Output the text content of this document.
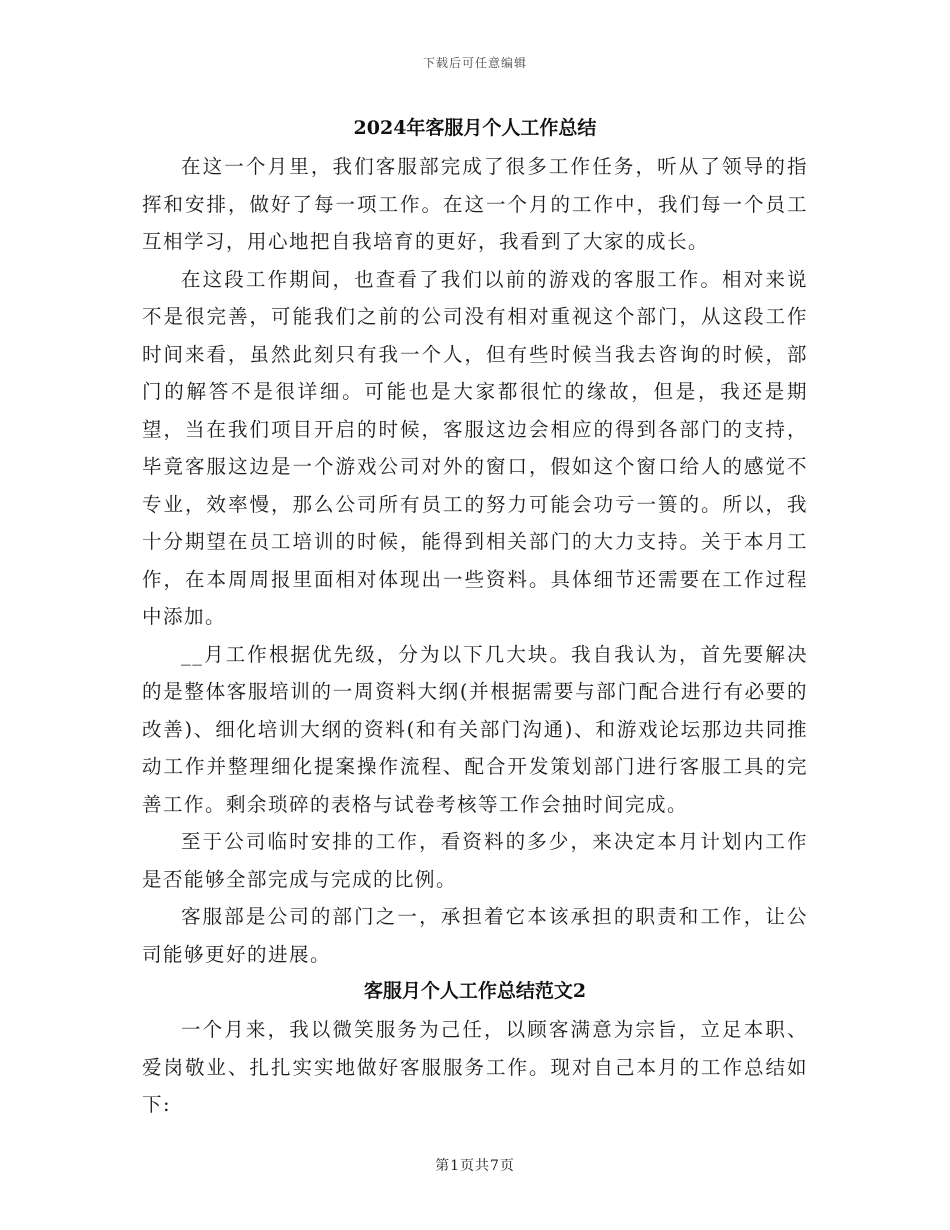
下载后可任意编辑
2024年客服月个人工作总结

在这一个月里，我们客服部完成了很多工作任务，听从了领导的指挥和安排，做好了每一项工作。在这一个月的工作中，我们每一个员工互相学习，用心地把自我培育的更好，我看到了大家的成长。

在这段工作期间，也查看了我们以前的游戏的客服工作。相对来说不是很完善，可能我们之前的公司没有相对重视这个部门，从这段工作时间来看，虽然此刻只有我一个人，但有些时候当我去咨询的时候，部门的解答不是很详细。可能也是大家都很忙的缘故，但是，我还是期望，当在我们项目开启的时候，客服这边会相应的得到各部门的支持，毕竟客服这边是一个游戏公司对外的窗口，假如这个窗口给人的感觉不专业，效率慢，那么公司所有员工的努力可能会功亏一篑的。所以，我十分期望在员工培训的时候，能得到相关部门的大力支持。关于本月工作，在本周周报里面相对体现出一些资料。具体细节还需要在工作过程中添加。

__月工作根据优先级，分为以下几大块。我自我认为，首先要解决的是整体客服培训的一周资料大纲(并根据需要与部门配合进行有必要的改善)、细化培训大纲的资料(和有关部门沟通)、和游戏论坛那边共同推动工作并整理细化提案操作流程、配合开发策划部门进行客服工具的完善工作。剩余琐碎的表格与试卷考核等工作会抽时间完成。

至于公司临时安排的工作，看资料的多少，来决定本月计划内工作是否能够全部完成与完成的比例。

客服部是公司的部门之一，承担着它本该承担的职责和工作，让公司能够更好的进展。

客服月个人工作总结范文2

一个月来，我以微笑服务为己任，以顾客满意为宗旨，立足本职、爱岗敬业、扎扎实实地做好客服服务工作。现对自己本月的工作总结如下:

第1页共7页
